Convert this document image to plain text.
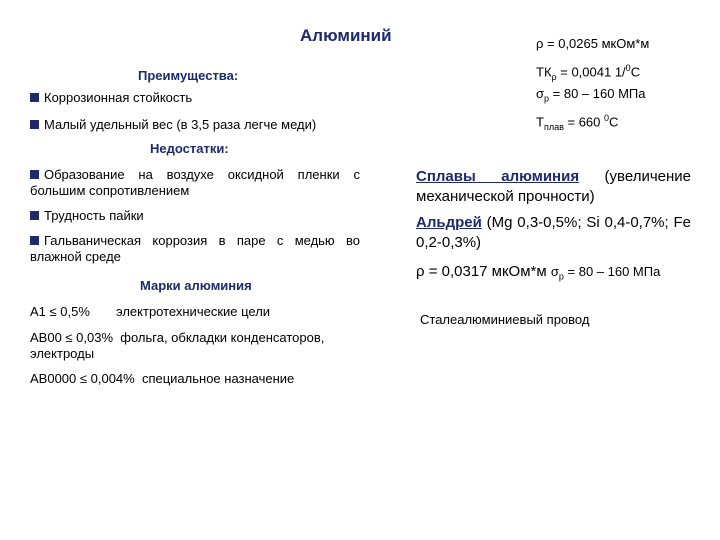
Алюминий	ρ = 0,0265 мкОм*м
$ТК_\rho = 0,0041$ 1/$^0$С
$\sigma_р = 80 - 160$ МПа
$Т_{плав} = 660$ $^0$С
Преимущества:
Коррозионная стойкость
Малый удельный вес (в 3,5 раза легче меди)
Недостатки:
Образование на воздухе оксидной пленки с большим сопротивлением
Трудность пайки
Гальваническая коррозия в паре с медью во влажной среде
Марки алюминия
А1 ≤ 0,5% электротехнические цели
АВ00 ≤ 0,03% фольга, обкладки конденсаторов, электроды
АВ0000 ≤ 0,004% специальное назначение
Сплавы алюминия (увеличение механической прочности)
Альдрей (Mg 0,3-0,5%; Si 0,4-0,7%; Fe 0,2-0,3%)
ρ = 0,0317 мкОм*м $\sigma_р = 80 - 160$ МПа
Сталеалюминиевый провод
